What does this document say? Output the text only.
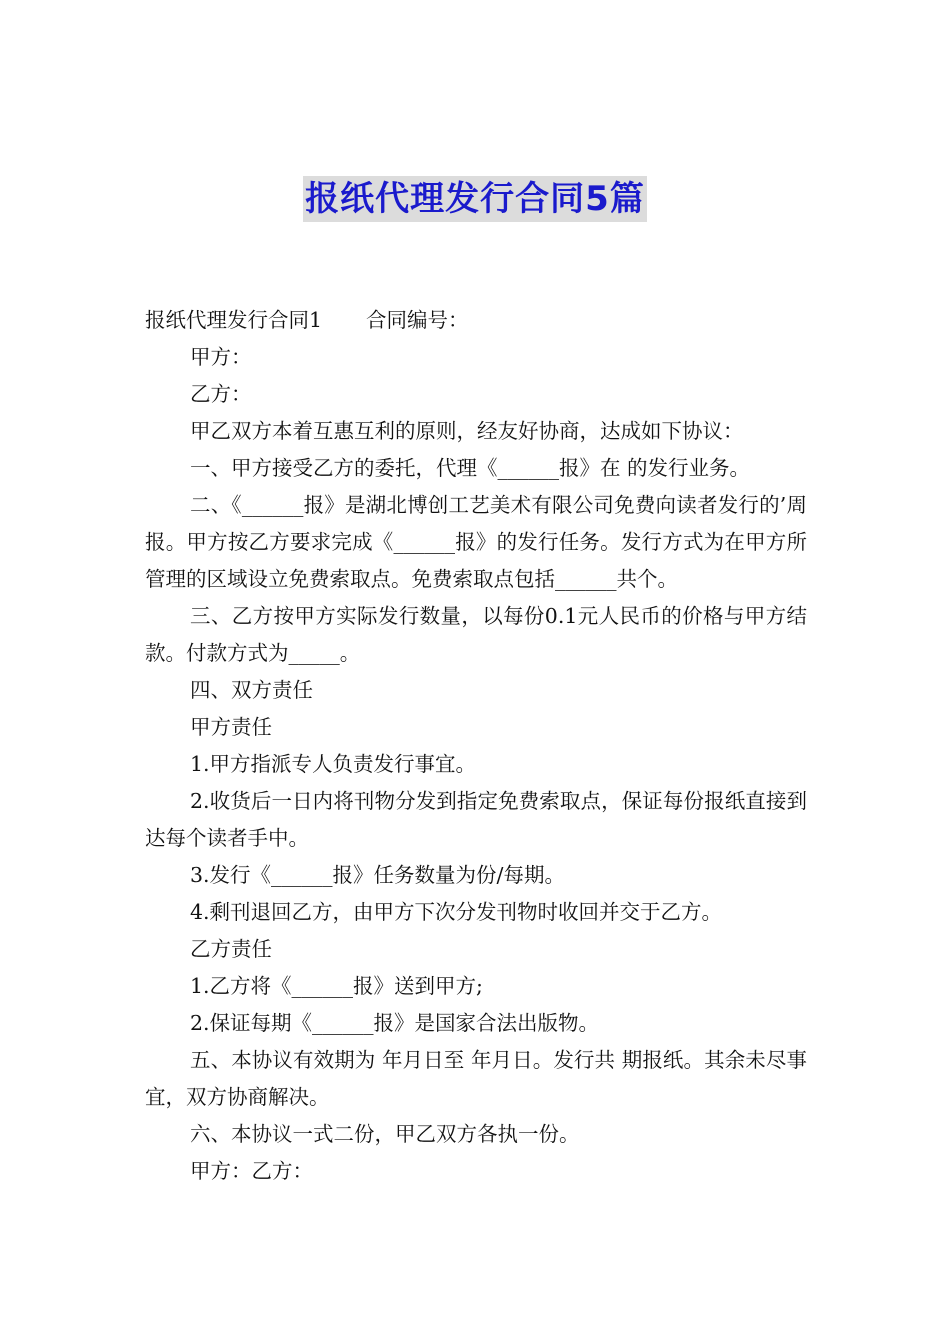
报纸代理发行合同5篇

报纸代理发行合同1 合同编号：

甲方：

乙方：

甲乙双方本着互惠互利的原则，经友好协商，达成如下协议：

一、甲方接受乙方的委托，代理《______报》在 的发行业务。

二、《______报》是湖北博创工艺美术有限公司免费向读者发行的’周报。甲方按乙方要求完成《______报》的发行任务。发行方式为在甲方所管理的区域设立免费索取点。免费索取点包括______共个。

三、乙方按甲方实际发行数量，以每份0.1元人民币的价格与甲方结款。付款方式为_____。

四、双方责任

甲方责任

1.甲方指派专人负责发行事宜。

2.收货后一日内将刊物分发到指定免费索取点，保证每份报纸直接到达每个读者手中。

3.发行《______报》任务数量为份/每期。

4.剩刊退回乙方，由甲方下次分发刊物时收回并交于乙方。

乙方责任

1.乙方将《______报》送到甲方;

2.保证每期《______报》是国家合法出版物。

五、本协议有效期为 年月日至 年月日。发行共 期报纸。其余未尽事宜，双方协商解决。

六、本协议一式二份，甲乙双方各执一份。

甲方：乙方：
